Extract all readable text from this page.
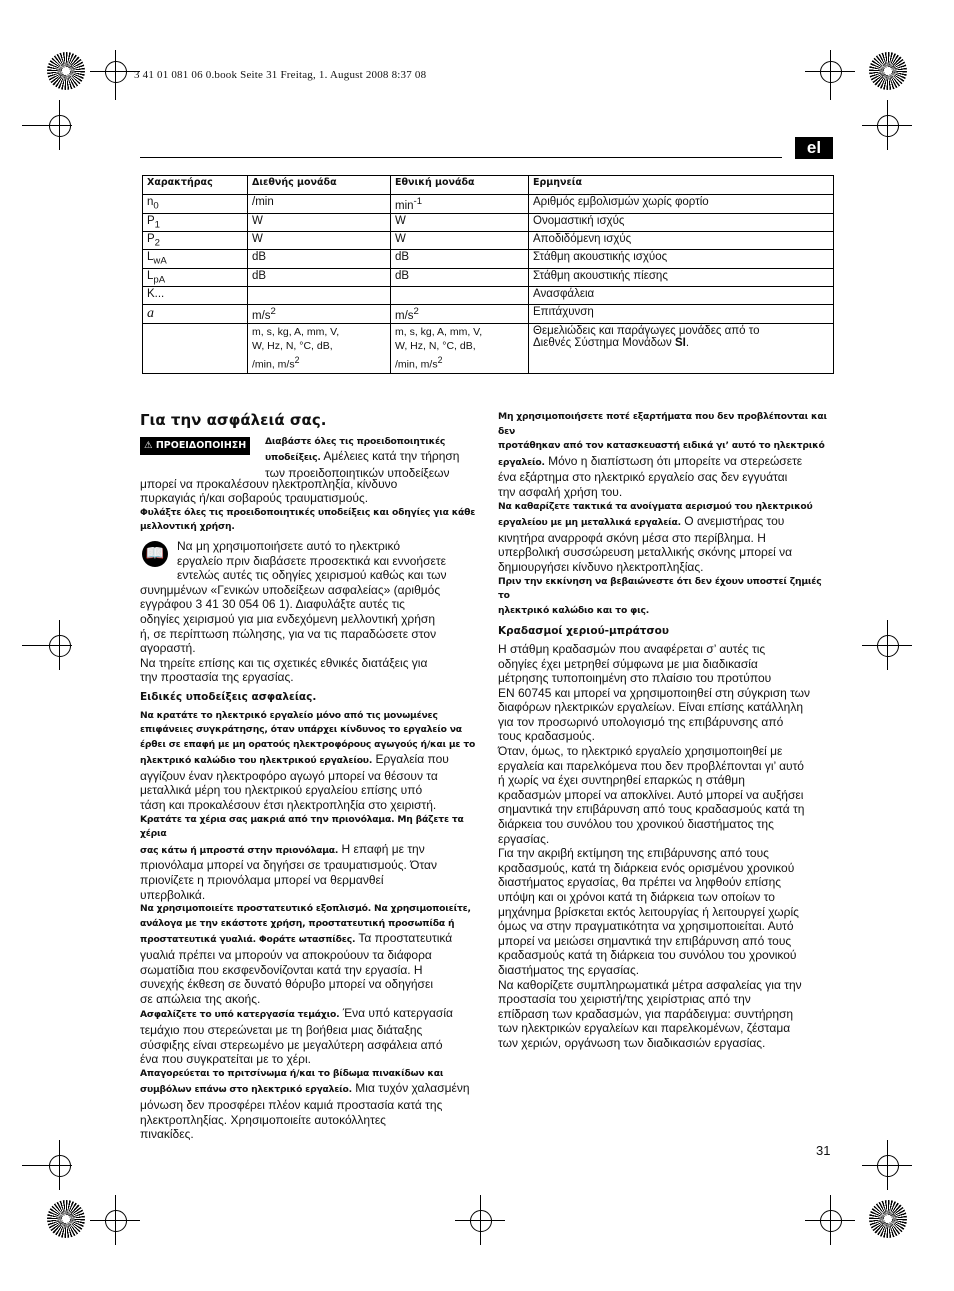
3 41 01 081 06 0.book Seite 31 Freitag, 1. August 2008 8:37 08
el
Χαρακτήρας	Διεθνής μονάδα	Εθνική μονάδα	Ερμηνεία
$n_0$	/min	$\min^{-1}$	Αριθμός εμβολισμών χωρίς φορτίο
$P_1$	W	W	Ονομαστική ισχύς
$P_2$	W	W	Αποδιδόμενη ισχύς
$L_{wA}$	dB	dB	Στάθμη ακουστικής ισχύος
$L_{pA}$	dB	dB	Στάθμη ακουστικής πίεσης
K...			Ανασφάλεια
a	$m/s^2$	$m/s^2$	Επιτάχυνση
	m, s, kg, A, mm, V,
W, Hz, N, °C, dB,
/min, $m/s^2$	m, s, kg, A, mm, V,
W, Hz, N, °C, dB,
/min, $m/s^2$	Θεμελιώδεις και παράγωγες μονάδες από το
Διεθνές Σύστημα Μονάδων SI.

Για την ασφάλειά σας.

⚠ ΠΡΟΕΙΔΟΠΟΙΗΣΗ	Διαβάστε όλες τις προειδοποιητικές
υποδείξεις. Αμέλειες κατά την τήρηση
των προειδοποιητικών υποδείξεων

μπορεί να προκαλέσουν ηλεκτροπληξία, κίνδυνο

πυρκαγιάς ή/και σοβαρούς τραυματισμούς.

Φυλάξτε όλες τις προειδοποιητικές υποδείξεις και οδηγίες για κάθε

μελλοντική χρήση.

📖	Να μη χρησιμοποιήσετε αυτό το ηλεκτρικό

εργαλείο πριν διαβάσετε προσεκτικά και εννοήσετε

εντελώς αυτές τις οδηγίες χειρισμού καθώς και των

συνημμένων «Γενικών υποδείξεων ασφαλείας» (αριθμός

εγγράφου 3 41 30 054 06 1). Διαφυλάξτε αυτές τις

οδηγίες χειρισμού για μια ενδεχόμενη μελλοντική χρήση

ή, σε περίπτωση πώλησης, για να τις παραδώσετε στον

αγοραστή.

Να τηρείτε επίσης και τις σχετικές εθνικές διατάξεις για

την προστασία της εργασίας.

Ειδικές υποδείξεις ασφαλείας.

Να κρατάτε το ηλεκτρικό εργαλείο μόνο από τις μονωμένες

επιφάνειες συγκράτησης, όταν υπάρχει κίνδυνος το εργαλείο να

έρθει σε επαφή με μη ορατούς ηλεκτροφόρους αγωγούς ή/και με το

ηλεκτρικό καλώδιο του ηλεκτρικού εργαλείου. Εργαλεία που

αγγίζουν έναν ηλεκτροφόρο αγωγό μπορεί να θέσουν τα

μεταλλικά μέρη του ηλεκτρικού εργαλείου επίσης υπό

τάση και προκαλέσουν έτσι ηλεκτροπληξία στο χειριστή.

Κρατάτε τα χέρια σας μακριά από την πριονόλαμα. Μη βάζετε τα χέρια

σας κάτω ή μπροστά στην πριονόλαμα. Η επαφή με την

πριονόλαμα μπορεί να δηγήσει σε τραυματισμούς. Όταν

πριονίζετε η πριονόλαμα μπορεί να θερμανθεί

υπερβολικά.

Να χρησιμοποιείτε προστατευτικό εξοπλισμό. Να χρησιμοποιείτε,

ανάλογα με την εκάστοτε χρήση, προστατευτική προσωπίδα ή

προστατευτικά γυαλιά. Φοράτε ωτασπίδες. Τα προστατευτικά

γυαλιά πρέπει να μπορούν να αποκρούουν τα διάφορα

σωματίδια που εκσφενδονίζονται κατά την εργασία. Η

συνεχής έκθεση σε δυνατό θόρυβο μπορεί να οδηγήσει

σε απώλεια της ακοής.

Ασφαλίζετε το υπό κατεργασία τεμάχιο. Ένα υπό κατεργασία

τεμάχιο που στερεώνεται με τη βοήθεια μιας διάταξης

σύσφιξης είναι στερεωμένο με μεγαλύτερη ασφάλεια από

ένα που συγκρατείται με το χέρι.

Απαγορεύεται το πριτσίνωμα ή/και το βίδωμα πινακίδων και

συμβόλων επάνω στο ηλεκτρικό εργαλείο. Μια τυχόν χαλασμένη

μόνωση δεν προσφέρει πλέον καμιά προστασία κατά της

ηλεκτροπληξίας. Χρησιμοποιείτε αυτοκόλλητες

πινακίδες.

Μη χρησιμοποιήσετε ποτέ εξαρτήματα που δεν προβλέπονται και δεν

προτάθηκαν από τον κατασκευαστή ειδικά γι’ αυτό το ηλεκτρικό

εργαλείο. Μόνο η διαπίστωση ότι μπορείτε να στερεώσετε

ένα εξάρτημα στο ηλεκτρικό εργαλείο σας δεν εγγυάται

την ασφαλή χρήση του.

Να καθαρίζετε τακτικά τα ανοίγματα αερισμού του ηλεκτρικού

εργαλείου με μη μεταλλικά εργαλεία. Ο ανεμιστήρας του

κινητήρα αναρροφά σκόνη μέσα στο περίβλημα. Η

υπερβολική συσσώρευση μεταλλικής σκόνης μπορεί να

δημιουργήσει κίνδυνο ηλεκτροπληξίας.

Πριν την εκκίνηση να βεβαιώνεστε ότι δεν έχουν υποστεί ζημιές το

ηλεκτρικό καλώδιο και το φις.

Κραδασμοί χεριού-μπράτσου

Η στάθμη κραδασμών που αναφέρεται σ’ αυτές τις

οδηγίες έχει μετρηθεί σύμφωνα με μια διαδικασία

μέτρησης τυποποιημένη στο πλαίσιο του προτύπου

EN 60745 και μπορεί να χρησιμοποιηθεί στη σύγκριση των

διαφόρων ηλεκτρικών εργαλείων. Είναι επίσης κατάλληλη

για τον προσωρινό υπολογισμό της επιβάρυνσης από

τους κραδασμούς.

Όταν, όμως, το ηλεκτρικό εργαλείο χρησιμοποιηθεί με

εργαλεία και παρελκόμενα που δεν προβλέπονται γι’ αυτό

ή χωρίς να έχει συντηρηθεί επαρκώς η στάθμη

κραδασμών μπορεί να αποκλίνει. Αυτό μπορεί να αυξήσει

σημαντικά την επιβάρυνση από τους κραδασμούς κατά τη

διάρκεια του συνόλου του χρονικού διαστήματος της

εργασίας.

Για την ακριβή εκτίμηση της επιβάρυνσης από τους

κραδασμούς, κατά τη διάρκεια ενός ορισμένου χρονικού

διαστήματος εργασίας, θα πρέπει να ληφθούν επίσης

υπόψη και οι χρόνοι κατά τη διάρκεια των οποίων το

μηχάνημα βρίσκεται εκτός λειτουργίας ή λειτουργεί χωρίς

όμως να στην πραγματικότητα να χρησιμοποιείται. Αυτό

μπορεί να μειώσει σημαντικά την επιβάρυνση από τους

κραδασμούς κατά τη διάρκεια του συνόλου του χρονικού

διαστήματος της εργασίας.

Να καθορίζετε συμπληρωματικά μέτρα ασφαλείας για την

προστασία του χειριστή/της χειρίστριας από την

επίδραση των κραδασμών, για παράδειγμα: συντήρηση

των ηλεκτρικών εργαλείων και παρελκομένων, ζέσταμα

των χεριών, οργάνωση των διαδικασιών εργασίας.

31
